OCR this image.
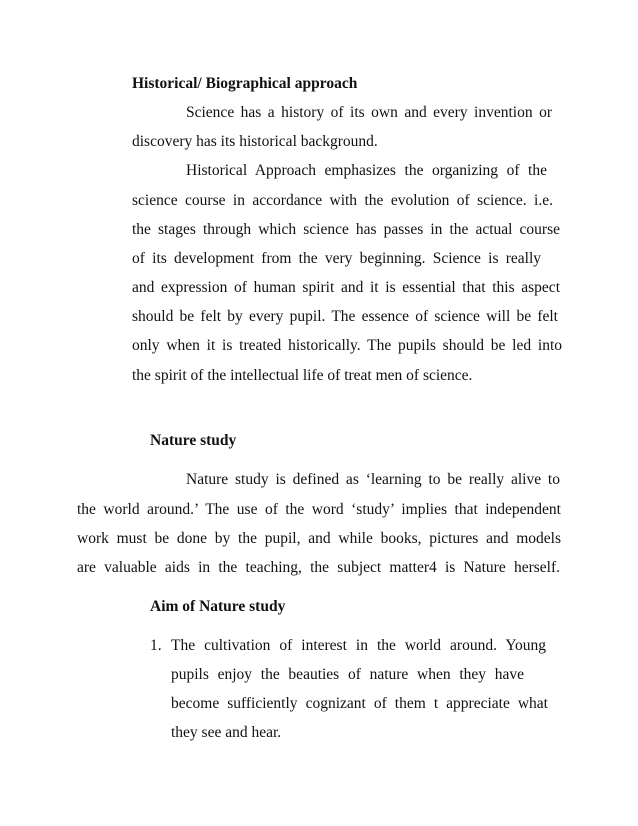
Historical/ Biographical approach
Science has a history of its own and every invention or
discovery has its historical background.
Historical Approach emphasizes the organizing of the
science course in accordance with the evolution of science. i.e.
the stages through which science has passes in the actual course
of its development from the very beginning. Science is really
and expression of human spirit and it is essential that this aspect
should be felt by every pupil. The essence of science will be felt
only when it is treated historically. The pupils should be led into
the spirit of the intellectual life of treat men of science.
Nature study
Nature study is defined as ‘learning to be really alive to
the world around.’ The use of the word ‘study’ implies that independent
work must be done by the pupil, and while books, pictures and models
are valuable aids in the teaching, the subject matter4 is Nature herself.
Aim of Nature study
1. The cultivation of interest in the world around. Young
pupils enjoy the beauties of nature when they have
become sufficiently cognizant of them t appreciate what
they see and hear.
